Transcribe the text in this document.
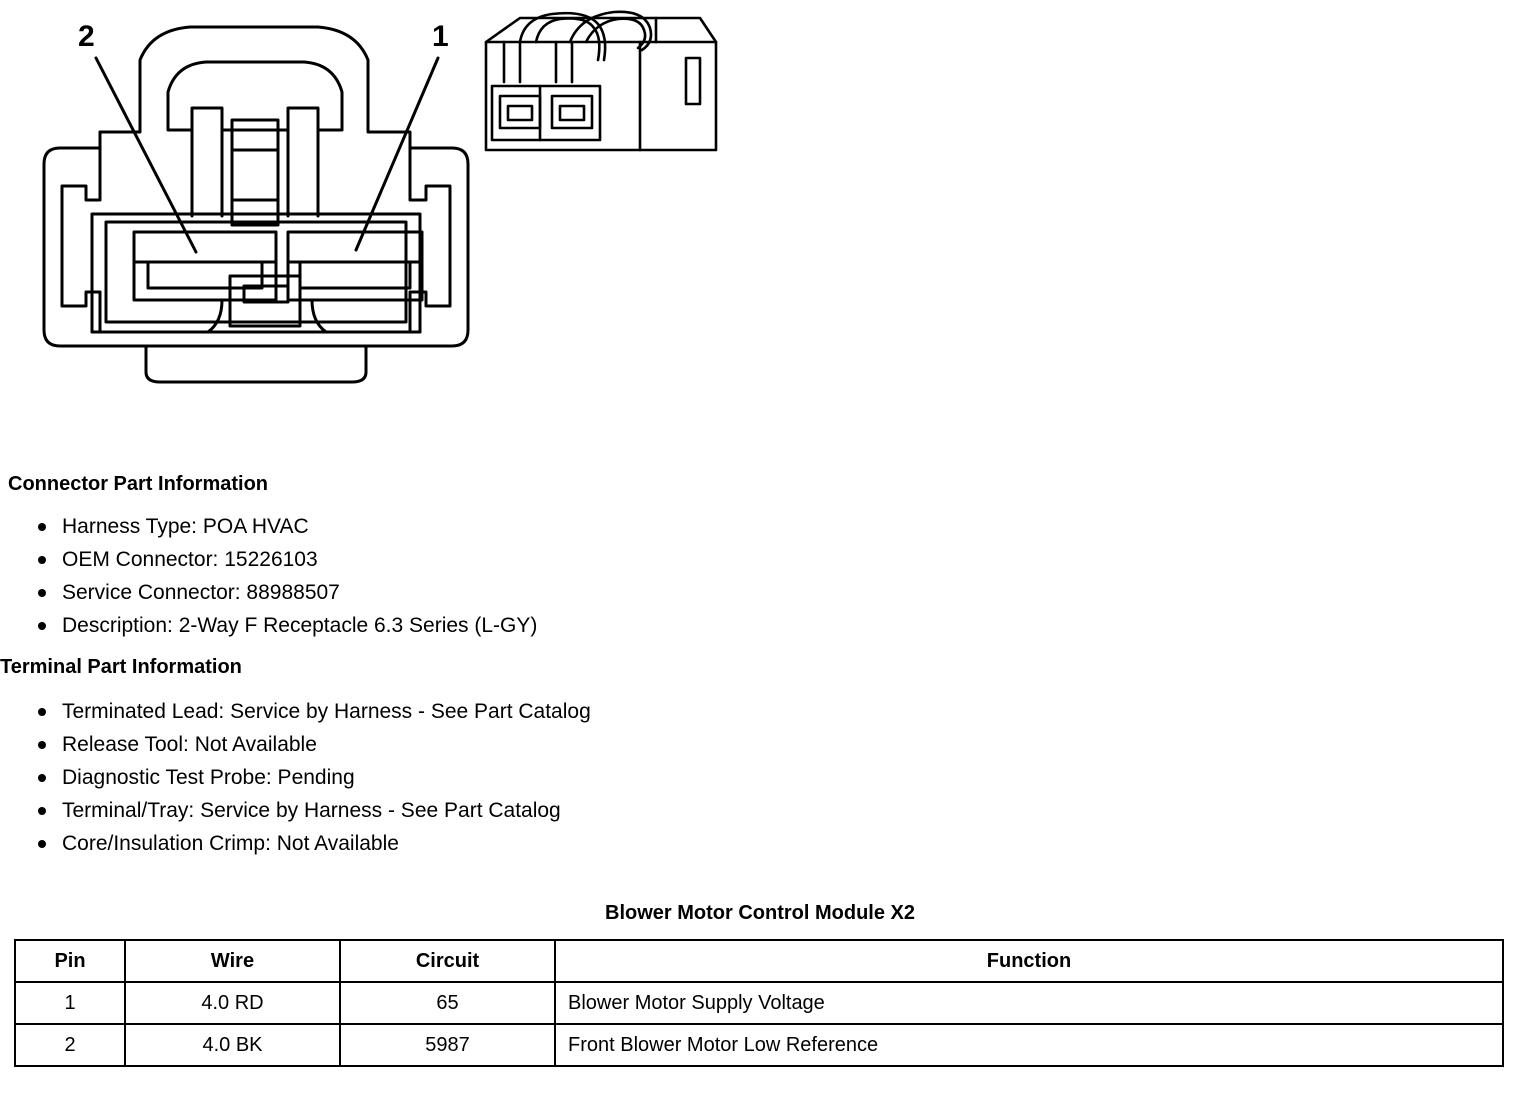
2	1
Connector Part Information
Harness Type: POA HVAC
OEM Connector: 15226103
Service Connector: 88988507
Description: 2-Way F Receptacle 6.3 Series (L-GY)
Terminal Part Information
Terminated Lead: Service by Harness - See Part Catalog
Release Tool: Not Available
Diagnostic Test Probe: Pending
Terminal/Tray: Service by Harness - See Part Catalog
Core/Insulation Crimp: Not Available
Blower Motor Control Module X2
Pin	Wire	Circuit	Function
1	4.0 RD	65	Blower Motor Supply Voltage
2	4.0 BK	5987	Front Blower Motor Low Reference
